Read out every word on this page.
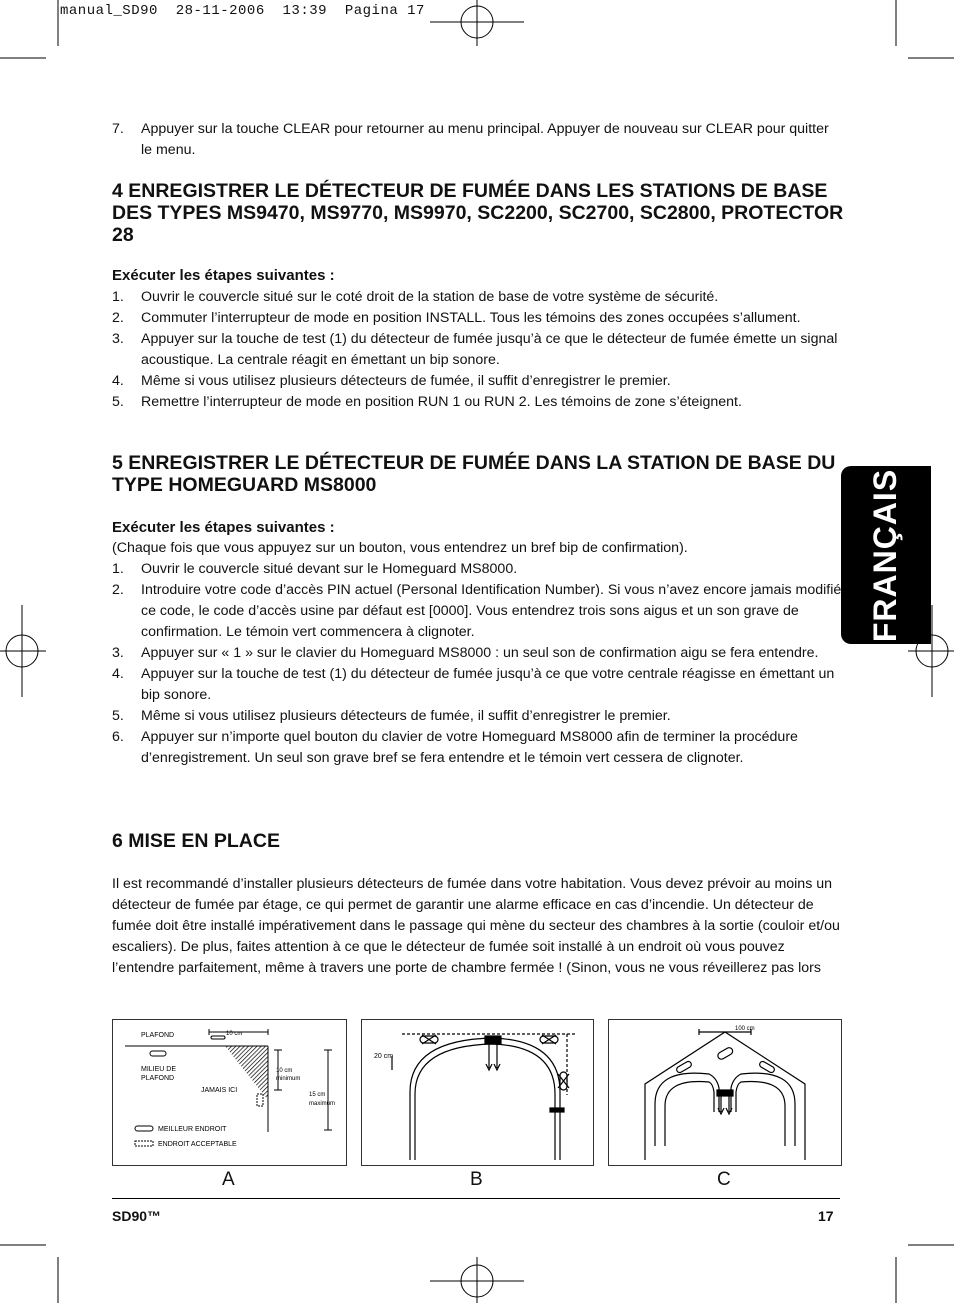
manual_SD90  28-11-2006  13:39  Pagina 17
7. Appuyer sur la touche CLEAR pour retourner au menu principal. Appuyer de nouveau sur CLEAR pour quitter le menu.
4 ENREGISTRER LE DÉTECTEUR DE FUMÉE DANS LES STATIONS DE BASE DES TYPES MS9470, MS9770, MS9970, SC2200, SC2700, SC2800, PROTECTOR 28
Exécuter les étapes suivantes :
1. Ouvrir le couvercle situé sur le coté droit de la station de base de votre système de sécurité.
2. Commuter l’interrupteur de mode en position INSTALL. Tous les témoins des zones occupées s’allument.
3. Appuyer sur la touche de test (1) du détecteur de fumée jusqu’à ce que le détecteur de fumée émette un signal acoustique. La centrale réagit en émettant un bip sonore.
4. Même si vous utilisez plusieurs détecteurs de fumée, il suffit d’enregistrer le premier.
5. Remettre l’interrupteur de mode en position RUN 1 ou RUN 2. Les témoins de zone s’éteignent.
5 ENREGISTRER LE DÉTECTEUR DE FUMÉE DANS LA STATION DE BASE DU TYPE HOMEGUARD MS8000
Exécuter les étapes suivantes :
(Chaque fois que vous appuyez sur un bouton, vous entendrez un bref bip de confirmation).
1. Ouvrir le couvercle situé devant sur le Homeguard MS8000.
2. Introduire votre code d’accès PIN actuel (Personal Identification Number). Si vous n’avez encore jamais modifié ce code, le code d’accès usine par défaut est [0000]. Vous entendrez trois sons aigus et un son grave de confirmation. Le témoin vert commencera à clignoter.
3. Appuyer sur « 1 » sur le clavier du Homeguard MS8000 : un seul son de confirmation aigu se fera entendre.
4. Appuyer sur la touche de test (1) du détecteur de fumée jusqu’à ce que votre centrale réagisse en émettant un bip sonore.
5. Même si vous utilisez plusieurs détecteurs de fumée, il suffit d’enregistrer le premier.
6. Appuyer sur n’importe quel bouton du clavier de votre Homeguard MS8000 afin de terminer la procédure d’enregistrement. Un seul son grave bref se fera entendre et le témoin vert cessera de clignoter.
6 MISE EN PLACE
Il est recommandé d’installer plusieurs détecteurs de fumée dans votre habitation. Vous devez prévoir au moins un détecteur de fumée par étage, ce qui permet de garantir une alarme efficace en cas d’incendie. Un détecteur de fumée doit être installé impérativement dans le passage qui mène du secteur des chambres à la sortie (couloir et/ou escaliers). De plus, faites attention à ce que le détecteur de fumée soit installé à un endroit où vous pouvez l’entendre parfaitement, même à travers une porte de chambre fermée ! (Sinon, vous ne vous réveillerez pas lors
FRANÇAIS
PLAFOND
MILIEU DE
PLAFOND
JAMAIS ICI
10 cm
10 cm
minimum
15 cm
maximum
MEILLEUR ENDROIT
ENDROIT ACCEPTABLE
20 cm
100 cm
A	B	C
SD90™	17
